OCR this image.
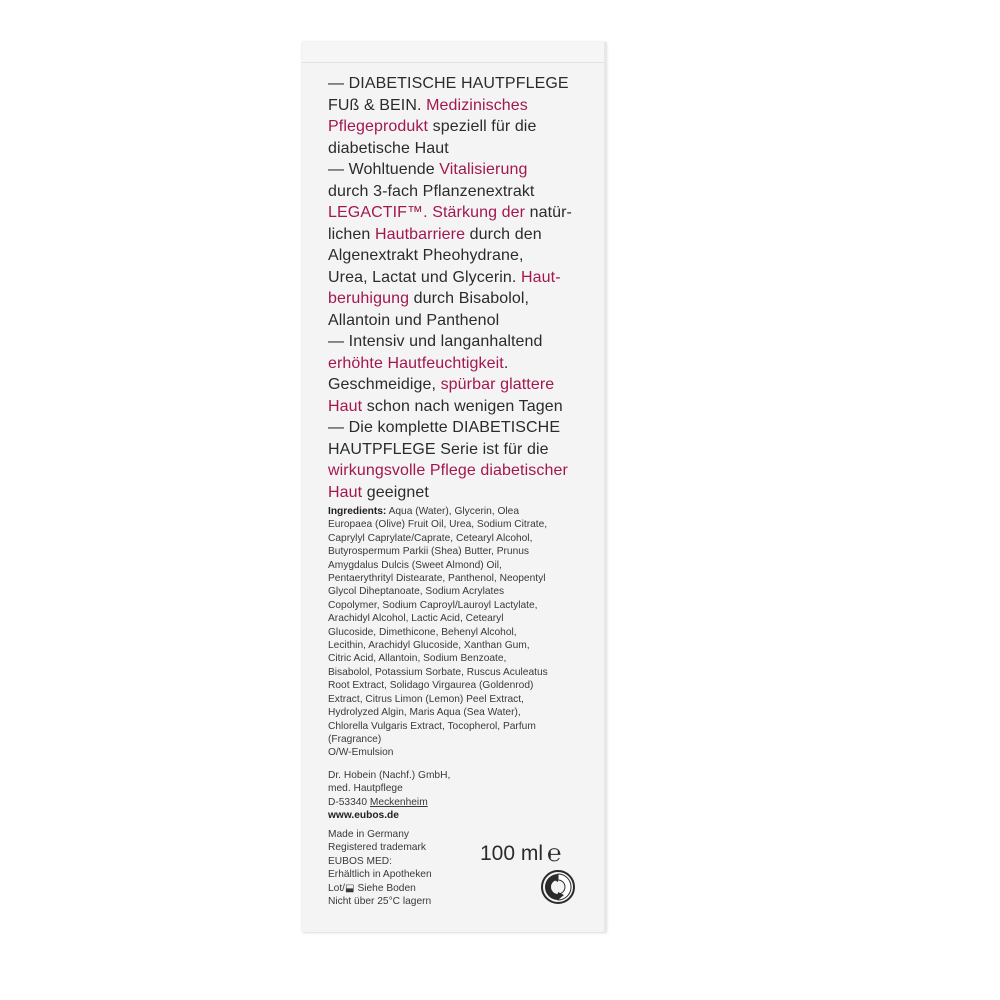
— DIABETISCHE HAUTPFLEGE
FUß & BEIN. Medizinisches
Pflegeprodukt speziell für die
diabetische Haut
— Wohltuende Vitalisierung
durch 3-fach Pflanzenextrakt
LEGACTIF™. Stärkung der natür-
lichen Hautbarriere durch den
Algenextrakt Pheohydrane,
Urea, Lactat und Glycerin. Haut-
beruhigung durch Bisabolol,
Allantoin und Panthenol
— Intensiv und langanhaltend
erhöhte Hautfeuchtigkeit.
Geschmeidige, spürbar glattere
Haut schon nach wenigen Tagen
— Die komplette DIABETISCHE
HAUTPFLEGE Serie ist für die
wirkungsvolle Pflege diabetischer
Haut geeignet
Ingredients: Aqua (Water), Glycerin, Olea
Europaea (Olive) Fruit Oil, Urea, Sodium Citrate,
Caprylyl Caprylate/Caprate, Cetearyl Alcohol,
Butyrospermum Parkii (Shea) Butter, Prunus
Amygdalus Dulcis (Sweet Almond) Oil,
Pentaerythrityl Distearate, Panthenol, Neopentyl
Glycol Diheptanoate, Sodium Acrylates
Copolymer, Sodium Caproyl/Lauroyl Lactylate,
Arachidyl Alcohol, Lactic Acid, Cetearyl
Glucoside, Dimethicone, Behenyl Alcohol,
Lecithin, Arachidyl Glucoside, Xanthan Gum,
Citric Acid, Allantoin, Sodium Benzoate,
Bisabolol, Potassium Sorbate, Ruscus Aculeatus
Root Extract, Solidago Virgaurea (Goldenrod)
Extract, Citrus Limon (Lemon) Peel Extract,
Hydrolyzed Algin, Maris Aqua (Sea Water),
Chlorella Vulgaris Extract, Tocopherol, Parfum
(Fragrance)
O/W-Emulsion
Dr. Hobein (Nachf.) GmbH,
med. Hautpflege
D-53340 Meckenheim
www.eubos.de
Made in Germany
Registered trademark
EUBOS MED:
Erhältlich in Apotheken
Lot/⬓ Siehe Boden
Nicht über 25°C lagern
100 ml ℮
